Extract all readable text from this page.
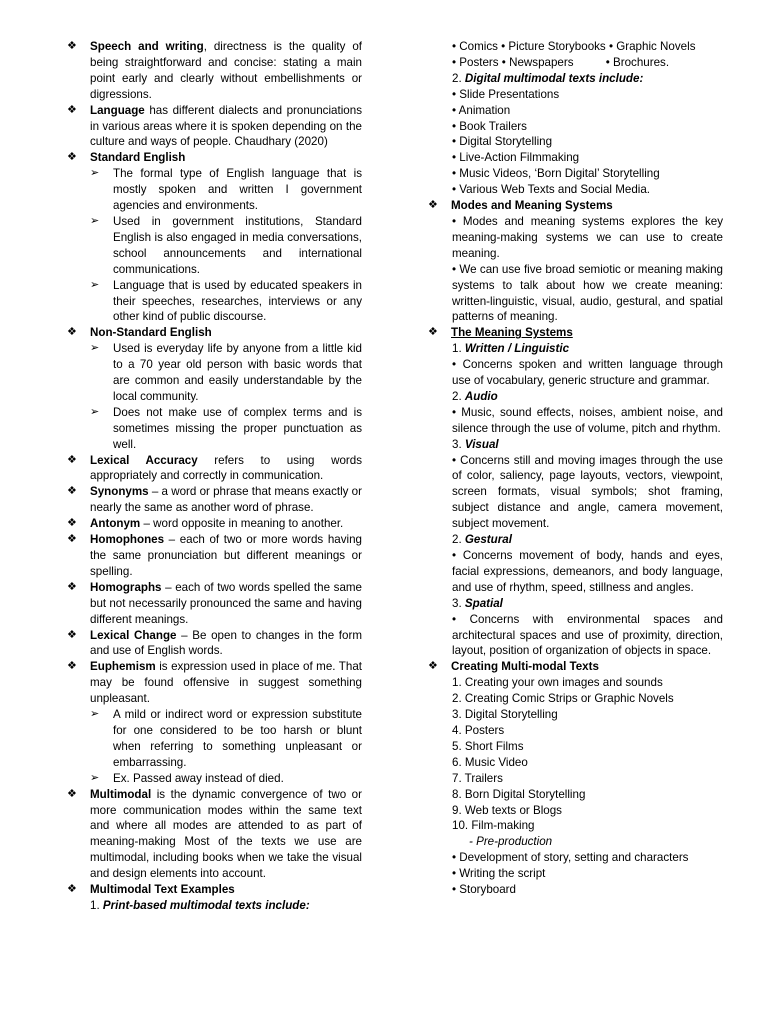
❖ Speech and writing, directness is the quality of being straightforward and concise: stating a main point early and clearly without embellishments or digressions.
❖ Language has different dialects and pronunciations in various areas where it is spoken depending on the culture and ways of people. Chaudhary (2020)
❖ Standard English
➢ The formal type of English language that is mostly spoken and written I government agencies and environments.
➢ Used in government institutions, Standard English is also engaged in media conversations, school announcements and international communications.
➢ Language that is used by educated speakers in their speeches, researches, interviews or any other kind of public discourse.
❖ Non-Standard English
➢ Used is everyday life by anyone from a little kid to a 70 year old person with basic words that are common and easily understandable by the local community.
➢ Does not make use of complex terms and is sometimes missing the proper punctuation as well.
❖ Lexical Accuracy refers to using words appropriately and correctly in communication.
❖ Synonyms – a word or phrase that means exactly or nearly the same as another word of phrase.
❖ Antonym – word opposite in meaning to another.
❖ Homophones – each of two or more words having the same pronunciation but different meanings or spelling.
❖ Homographs – each of two words spelled the same but not necessarily pronounced the same and having different meanings.
❖ Lexical Change – Be open to changes in the form and use of English words.
❖ Euphemism is expression used in place of me. That may be found offensive in suggest something unpleasant.
➢ A mild or indirect word or expression substitute for one considered to be too harsh or blunt when referring to something unpleasant or embarrassing.
➢ Ex. Passed away instead of died.
❖ Multimodal is the dynamic convergence of two or more communication modes within the same text and where all modes are attended to as part of meaning-making Most of the texts we use are multimodal, including books when we take the visual and design elements into account.
❖ Multimodal Text Examples
1. Print-based multimodal texts include:
• Comics • Picture Storybooks • Graphic Novels
• Posters • Newspapers          • Brochures.
2. Digital multimodal texts include:
• Slide Presentations
• Animation
• Book Trailers
• Digital Storytelling
• Live-Action Filmmaking
• Music Videos, ‘Born Digital’ Storytelling
• Various Web Texts and Social Media.
❖ Modes and Meaning Systems
• Modes and meaning systems explores the key meaning-making systems we can use to create meaning.
• We can use five broad semiotic or meaning making systems to talk about how we create meaning: written-linguistic, visual, audio, gestural, and spatial patterns of meaning.
❖ The Meaning Systems
1. Written / Linguistic
• Concerns spoken and written language through use of vocabulary, generic structure and grammar.
2. Audio
• Music, sound effects, noises, ambient noise, and silence through the use of volume, pitch and rhythm.
3. Visual
• Concerns still and moving images through the use of color, saliency, page layouts, vectors, viewpoint, screen formats, visual symbols; shot framing, subject distance and angle, camera movement, subject movement.
2. Gestural
• Concerns movement of body, hands and eyes, facial expressions, demeanors, and body language, and use of rhythm, speed, stillness and angles.
3. Spatial
• Concerns with environmental spaces and architectural spaces and use of proximity, direction, layout, position of organization of objects in space.
❖ Creating Multi-modal Texts
1. Creating your own images and sounds
2. Creating Comic Strips or Graphic Novels
3. Digital Storytelling
4. Posters
5. Short Films
6. Music Video
7. Trailers
8. Born Digital Storytelling
9. Web texts or Blogs
10. Film-making
- Pre-production
• Development of story, setting and characters
• Writing the script
• Storyboard
